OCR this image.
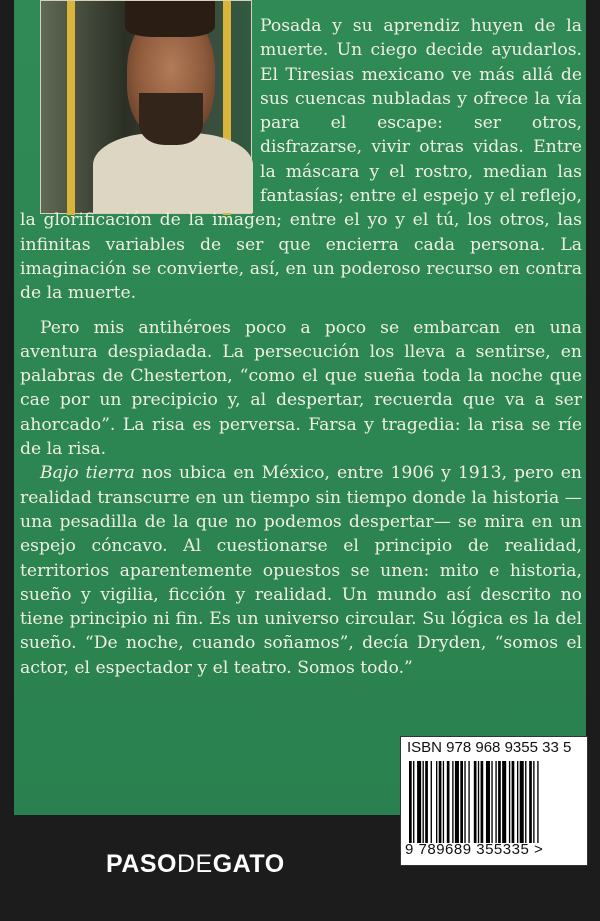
Posada y su aprendiz huyen de la muerte. Un ciego decide ayudarlos. El Tiresias mexicano ve más allá de sus cuencas nubladas y ofrece la vía para el escape: ser otros, disfrazarse, vivir otras vidas. Entre la máscara y el rostro, median las fantasías; entre el espejo y el reflejo, la glorificación de la imagen; entre el yo y el tú, los otros, las infinitas variables de ser que encierra cada persona. La imaginación se convierte, así, en un poderoso recurso en contra de la muerte.

Pero mis antihéroes poco a poco se embarcan en una aventura despiadada. La persecución los lleva a sentirse, en palabras de Chesterton, “como el que sueña toda la noche que cae por un precipicio y, al despertar, recuerda que va a ser ahorcado”. La risa es perversa. Farsa y tragedia: la risa se ríe de la risa.

Bajo tierra nos ubica en México, entre 1906 y 1913, pero en realidad transcurre en un tiempo sin tiempo donde la historia —una pesadilla de la que no podemos despertar— se mira en un espejo cóncavo. Al cuestionarse el principio de realidad, territorios aparentemente opuestos se unen: mito e historia, sueño y vigilia, ficción y realidad. Un mundo así descrito no tiene principio ni fin. Es un universo circular. Su lógica es la del sueño. “De noche, cuando soñamos”, decía Dryden, “somos el actor, el espectador y el teatro. Somos todo.”

ISBN 978 968 9355 33 5
9 789689 355335 >
PASODEGATO
